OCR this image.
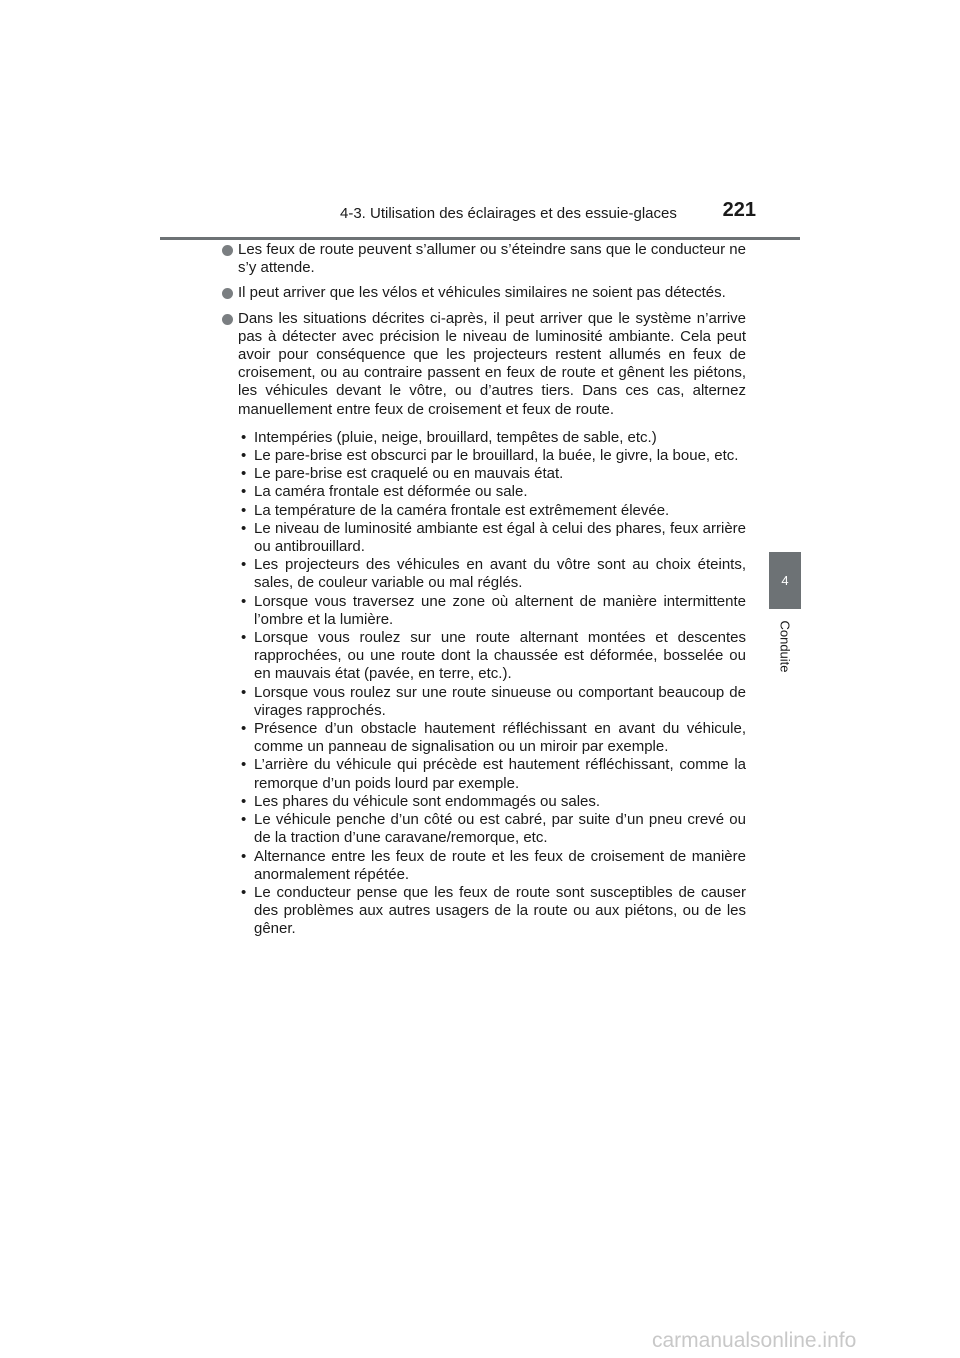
4-3. Utilisation des éclairages et des essuie-glaces 221
4
Conduite
Les feux de route peuvent s’allumer ou s’éteindre sans que le conducteur ne s’y attende.
Il peut arriver que les vélos et véhicules similaires ne soient pas détectés.
Dans les situations décrites ci-après, il peut arriver que le système n’arrive pas à détecter avec précision le niveau de luminosité ambiante. Cela peut avoir pour conséquence que les projecteurs restent allumés en feux de croisement, ou au contraire passent en feux de route et gênent les piétons, les véhicules devant le vôtre, ou d’autres tiers. Dans ces cas, alternez manuellement entre feux de croisement et feux de route.
• Intempéries (pluie, neige, brouillard, tempêtes de sable, etc.)
• Le pare-brise est obscurci par le brouillard, la buée, le givre, la boue, etc.
• Le pare-brise est craquelé ou en mauvais état.
• La caméra frontale est déformée ou sale.
• La température de la caméra frontale est extrêmement élevée.
• Le niveau de luminosité ambiante est égal à celui des phares, feux arrière ou antibrouillard.
• Les projecteurs des véhicules en avant du vôtre sont au choix éteints, sales, de couleur variable ou mal réglés.
• Lorsque vous traversez une zone où alternent de manière intermittente l’ombre et la lumière.
• Lorsque vous roulez sur une route alternant montées et descentes rapprochées, ou une route dont la chaussée est déformée, bosselée ou en mauvais état (pavée, en terre, etc.).
• Lorsque vous roulez sur une route sinueuse ou comportant beaucoup de virages rapprochés.
• Présence d’un obstacle hautement réfléchissant en avant du véhicule, comme un panneau de signalisation ou un miroir par exemple.
• L’arrière du véhicule qui précède est hautement réfléchissant, comme la remorque d’un poids lourd par exemple.
• Les phares du véhicule sont endommagés ou sales.
• Le véhicule penche d’un côté ou est cabré, par suite d’un pneu crevé ou de la traction d’une caravane/remorque, etc.
• Alternance entre les feux de route et les feux de croisement de manière anormalement répétée.
• Le conducteur pense que les feux de route sont susceptibles de causer des problèmes aux autres usagers de la route ou aux piétons, ou de les gêner.
carmanualsonline.info
